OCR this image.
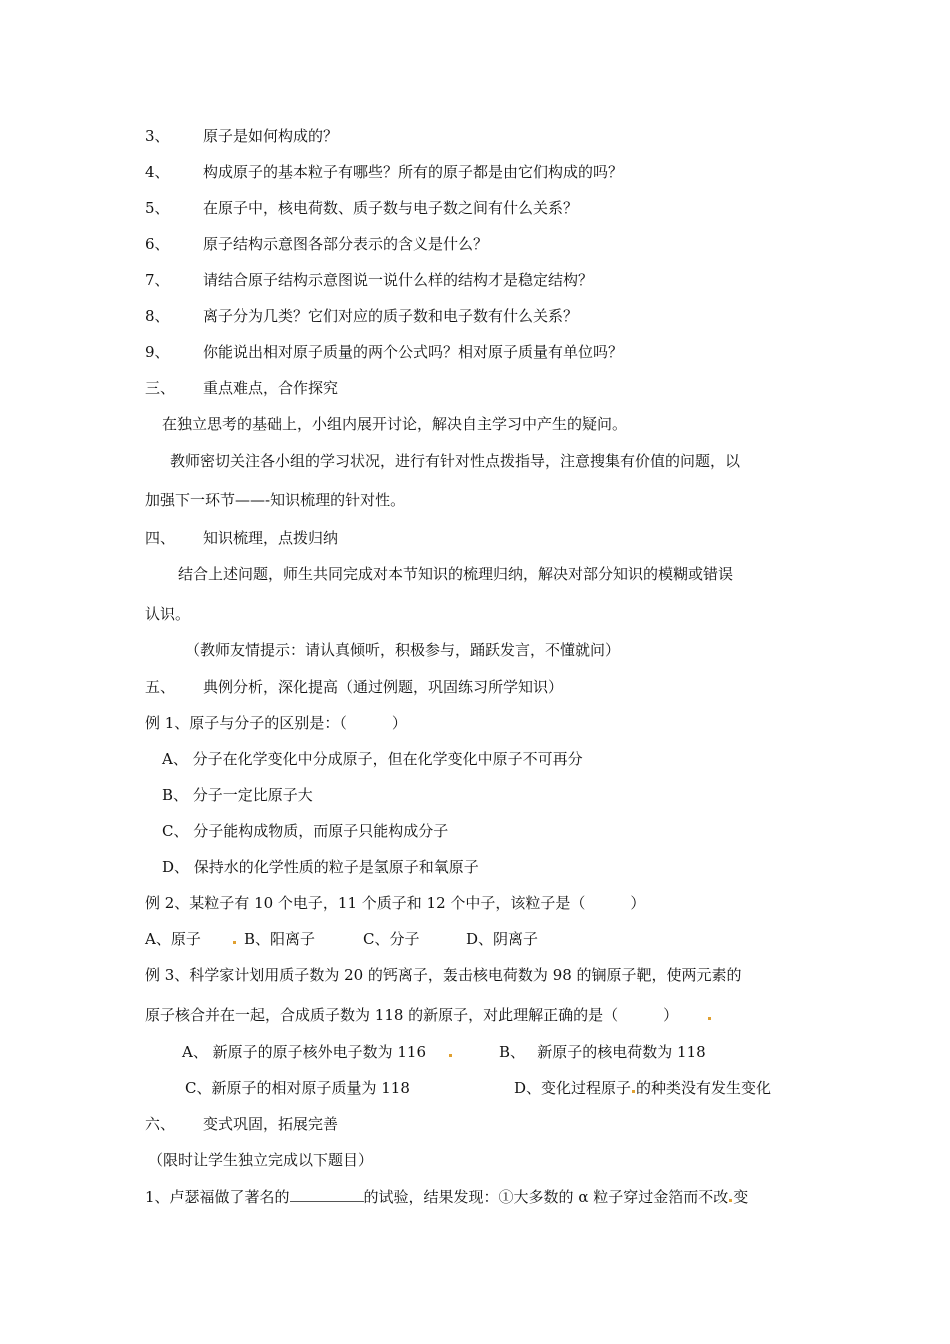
3、 原子是如何构成的？
4、 构成原子的基本粒子有哪些？所有的原子都是由它们构成的吗？
5、 在原子中，核电荷数、质子数与电子数之间有什么关系？
6、 原子结构示意图各部分表示的含义是什么？
7、 请结合原子结构示意图说一说什么样的结构才是稳定结构？
8、 离子分为几类？它们对应的质子数和电子数有什么关系？
9、 你能说出相对原子质量的两个公式吗？相对原子质量有单位吗？
三、 重点难点，合作探究
在独立思考的基础上，小组内展开讨论，解决自主学习中产生的疑问。
教师密切关注各小组的学习状况，进行有针对性点拨指导，注意搜集有价值的问题，以
加强下一环节——-知识梳理的针对性。
四、 知识梳理，点拨归纳
结合上述问题，师生共同完成对本节知识的梳理归纳，解决对部分知识的模糊或错误
认识。
（教师友情提示：请认真倾听，积极参与，踊跃发言，不懂就问）
五、 典例分析，深化提高（通过例题，巩固练习所学知识）
例 1、原子与分子的区别是：（　　　）
A、 分子在化学变化中分成原子，但在化学变化中原子不可再分
B、 分子一定比原子大
C、 分子能构成物质，而原子只能构成分子
D、 保持水的化学性质的粒子是氢原子和氧原子
例 2、某粒子有 10 个电子，11 个质子和 12 个中子，该粒子是（　　　）
A、原子	B、阳离子	C、分子	D、阴离子
例 3、科学家计划用质子数为 20 的钙离子，轰击核电荷数为 98 的锎原子靶，使两元素的
原子核合并在一起，合成质子数为 118 的新原子，对此理解正确的是（　　　）
A、 新原子的原子核外电子数为 116	B、　 新原子的核电荷数为 118
C、新原子的相对原子质量为 118	D、变化过程原子 的种类没有发生变化
六、 变式巩固，拓展完善
（限时让学生独立完成以下题目）
1、卢瑟福做了著名的	的试验，结果发现：①大多数的 α 粒子穿过金箔而不改 变
